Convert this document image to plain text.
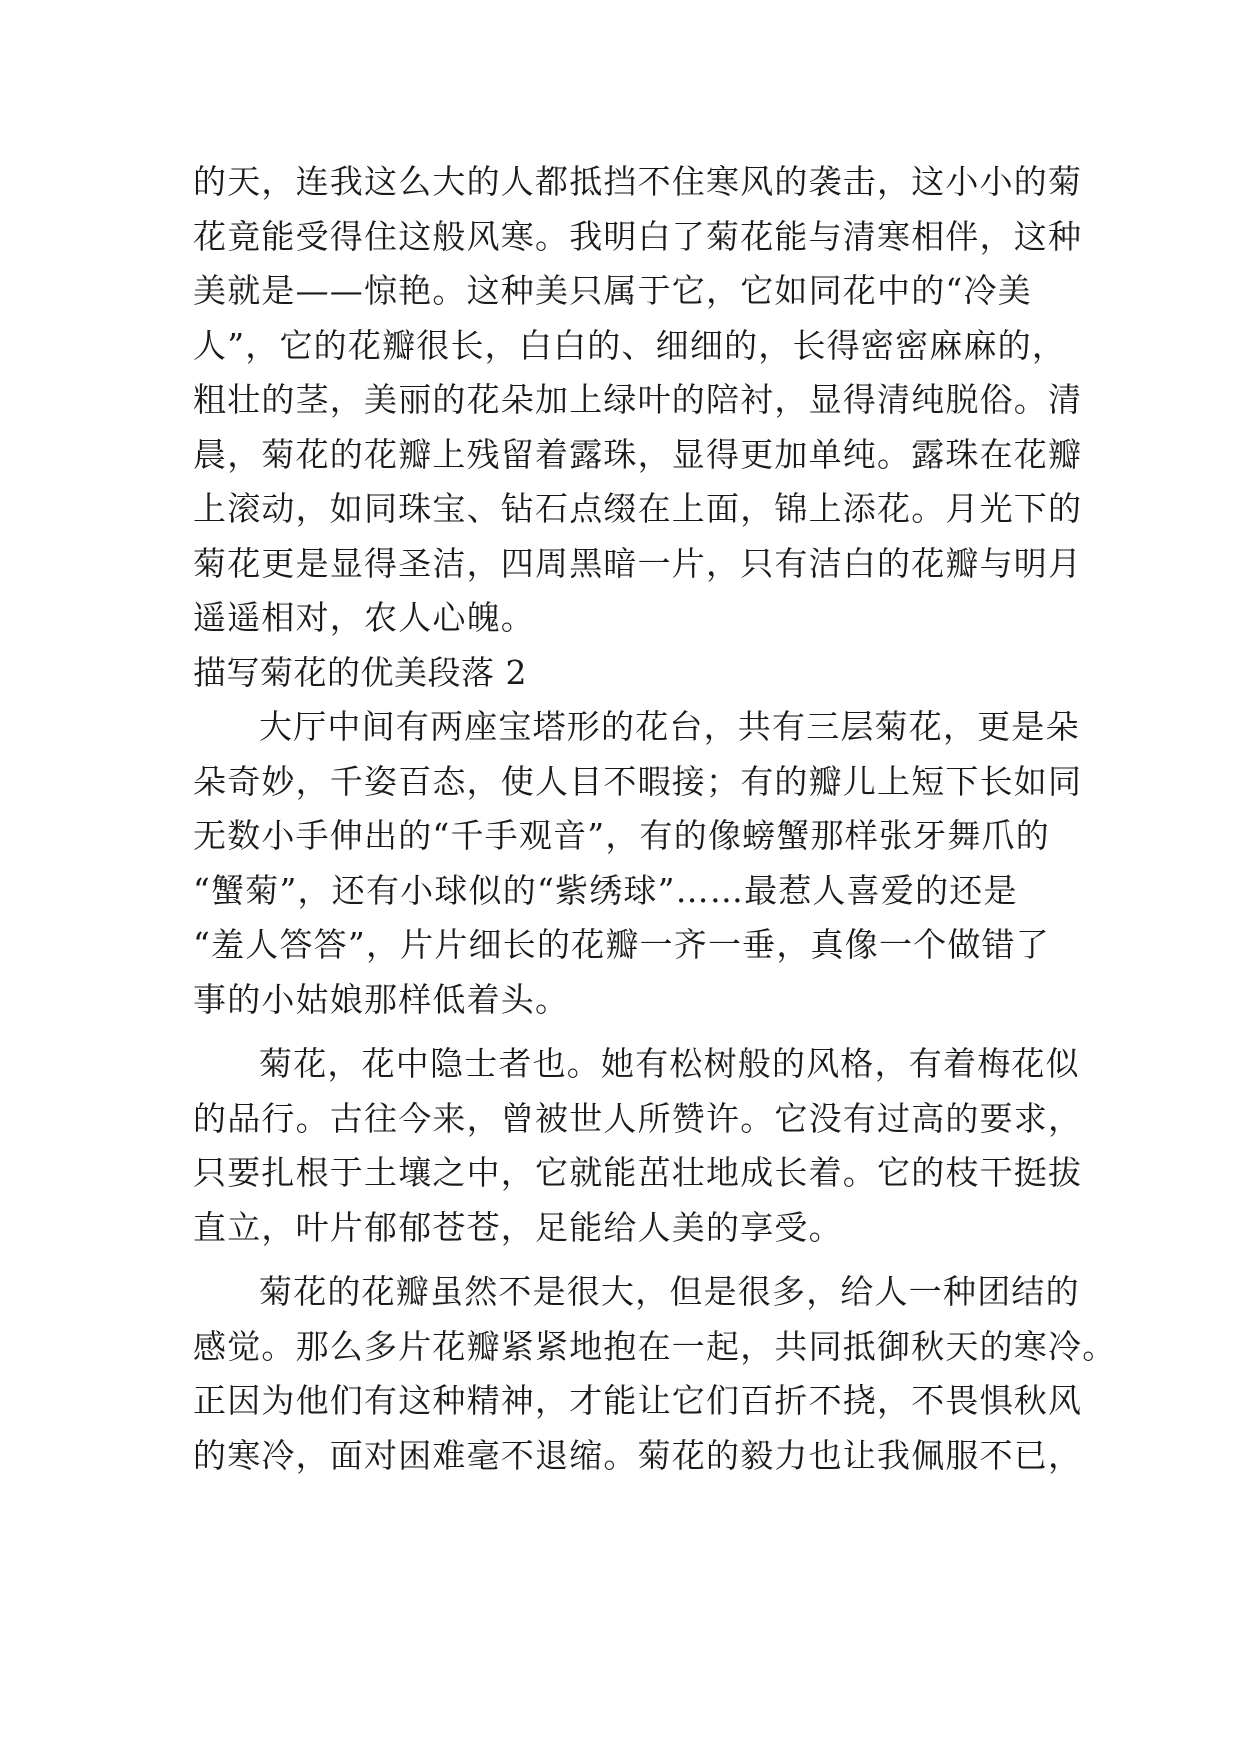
的天，连我这么大的人都抵挡不住寒风的袭击，这小小的菊
花竟能受得住这般风寒。我明白了菊花能与清寒相伴，这种
美就是——惊艳。这种美只属于它，它如同花中的“冷美
人”，它的花瓣很长，白白的、细细的，长得密密麻麻的，
粗壮的茎，美丽的花朵加上绿叶的陪衬，显得清纯脱俗。清
晨，菊花的花瓣上残留着露珠，显得更加单纯。露珠在花瓣
上滚动，如同珠宝、钻石点缀在上面，锦上添花。月光下的
菊花更是显得圣洁，四周黑暗一片，只有洁白的花瓣与明月
遥遥相对，农人心魄。
描写菊花的优美段落 2
大厅中间有两座宝塔形的花台，共有三层菊花，更是朵
朵奇妙，千姿百态，使人目不暇接；有的瓣儿上短下长如同
无数小手伸出的“千手观音”，有的像螃蟹那样张牙舞爪的
“蟹菊”，还有小球似的“紫绣球”……最惹人喜爱的还是
“羞人答答”，片片细长的花瓣一齐一垂，真像一个做错了
事的小姑娘那样低着头。
菊花，花中隐士者也。她有松树般的风格，有着梅花似
的品行。古往今来，曾被世人所赞许。它没有过高的要求，
只要扎根于土壤之中，它就能茁壮地成长着。它的枝干挺拔
直立，叶片郁郁苍苍，足能给人美的享受。
菊花的花瓣虽然不是很大，但是很多，给人一种团结的
感觉。那么多片花瓣紧紧地抱在一起，共同抵御秋天的寒冷。
正因为他们有这种精神，才能让它们百折不挠，不畏惧秋风
的寒冷，面对困难毫不退缩。菊花的毅力也让我佩服不已，
